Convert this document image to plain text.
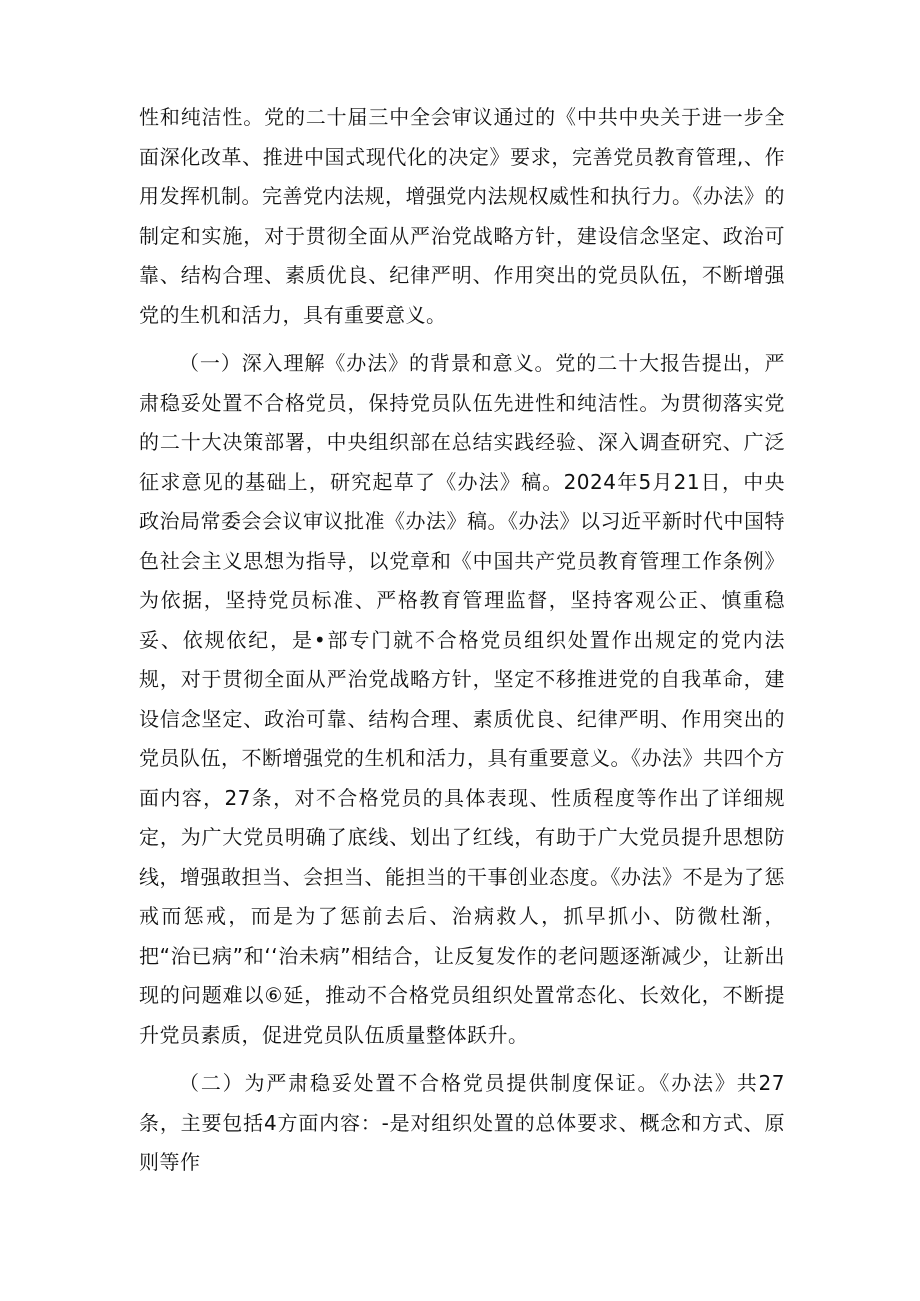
性和纯洁性。党的二十届三中全会审议通过的《中共中央关于进一步全面深化改革、推进中国式现代化的决定》要求，完善党员教育管理,、作用发挥机制。完善党内法规，增强党内法规权威性和执行力。《办法》的制定和实施，对于贯彻全面从严治党战略方针，建设信念坚定、政治可靠、结构合理、素质优良、纪律严明、作用突出的党员队伍，不断增强党的生机和活力，具有重要意义。

（一）深入理解《办法》的背景和意义。党的二十大报告提出，严肃稳妥处置不合格党员，保持党员队伍先进性和纯洁性。为贯彻落实党的二十大决策部署，中央组织部在总结实践经验、深入调查研究、广泛征求意见的基础上，研究起草了《办法》稿。2024年5月21日，中央政治局常委会会议审议批准《办法》稿。《办法》以习近平新时代中国特色社会主义思想为指导，以党章和《中国共产党员教育管理工作条例》为依据，坚持党员标准、严格教育管理监督，坚持客观公正、慎重稳妥、依规依纪，是•部专门就不合格党员组织处置作出规定的党内法规，对于贯彻全面从严治党战略方针，坚定不移推进党的自我革命，建设信念坚定、政治可靠、结构合理、素质优良、纪律严明、作用突出的党员队伍，不断增强党的生机和活力，具有重要意义。《办法》共四个方面内容，27条，对不合格党员的具体表现、性质程度等作出了详细规定，为广大党员明确了底线、划出了红线，有助于广大党员提升思想防线，增强敢担当、会担当、能担当的干事创业态度。《办法》不是为了惩戒而惩戒，而是为了惩前去后、治病救人，抓早抓小、防微杜渐，把“治已病”和‘‘治未病”相结合，让反复发作的老问题逐渐减少，让新出现的问题难以⑥延，推动不合格党员组织处置常态化、长效化，不断提升党员素质，促进党员队伍质量整体跃升。

（二）为严肃稳妥处置不合格党员提供制度保证。《办法》共27条，主要包括4方面内容：-是对组织处置的总体要求、概念和方式、原则等作
